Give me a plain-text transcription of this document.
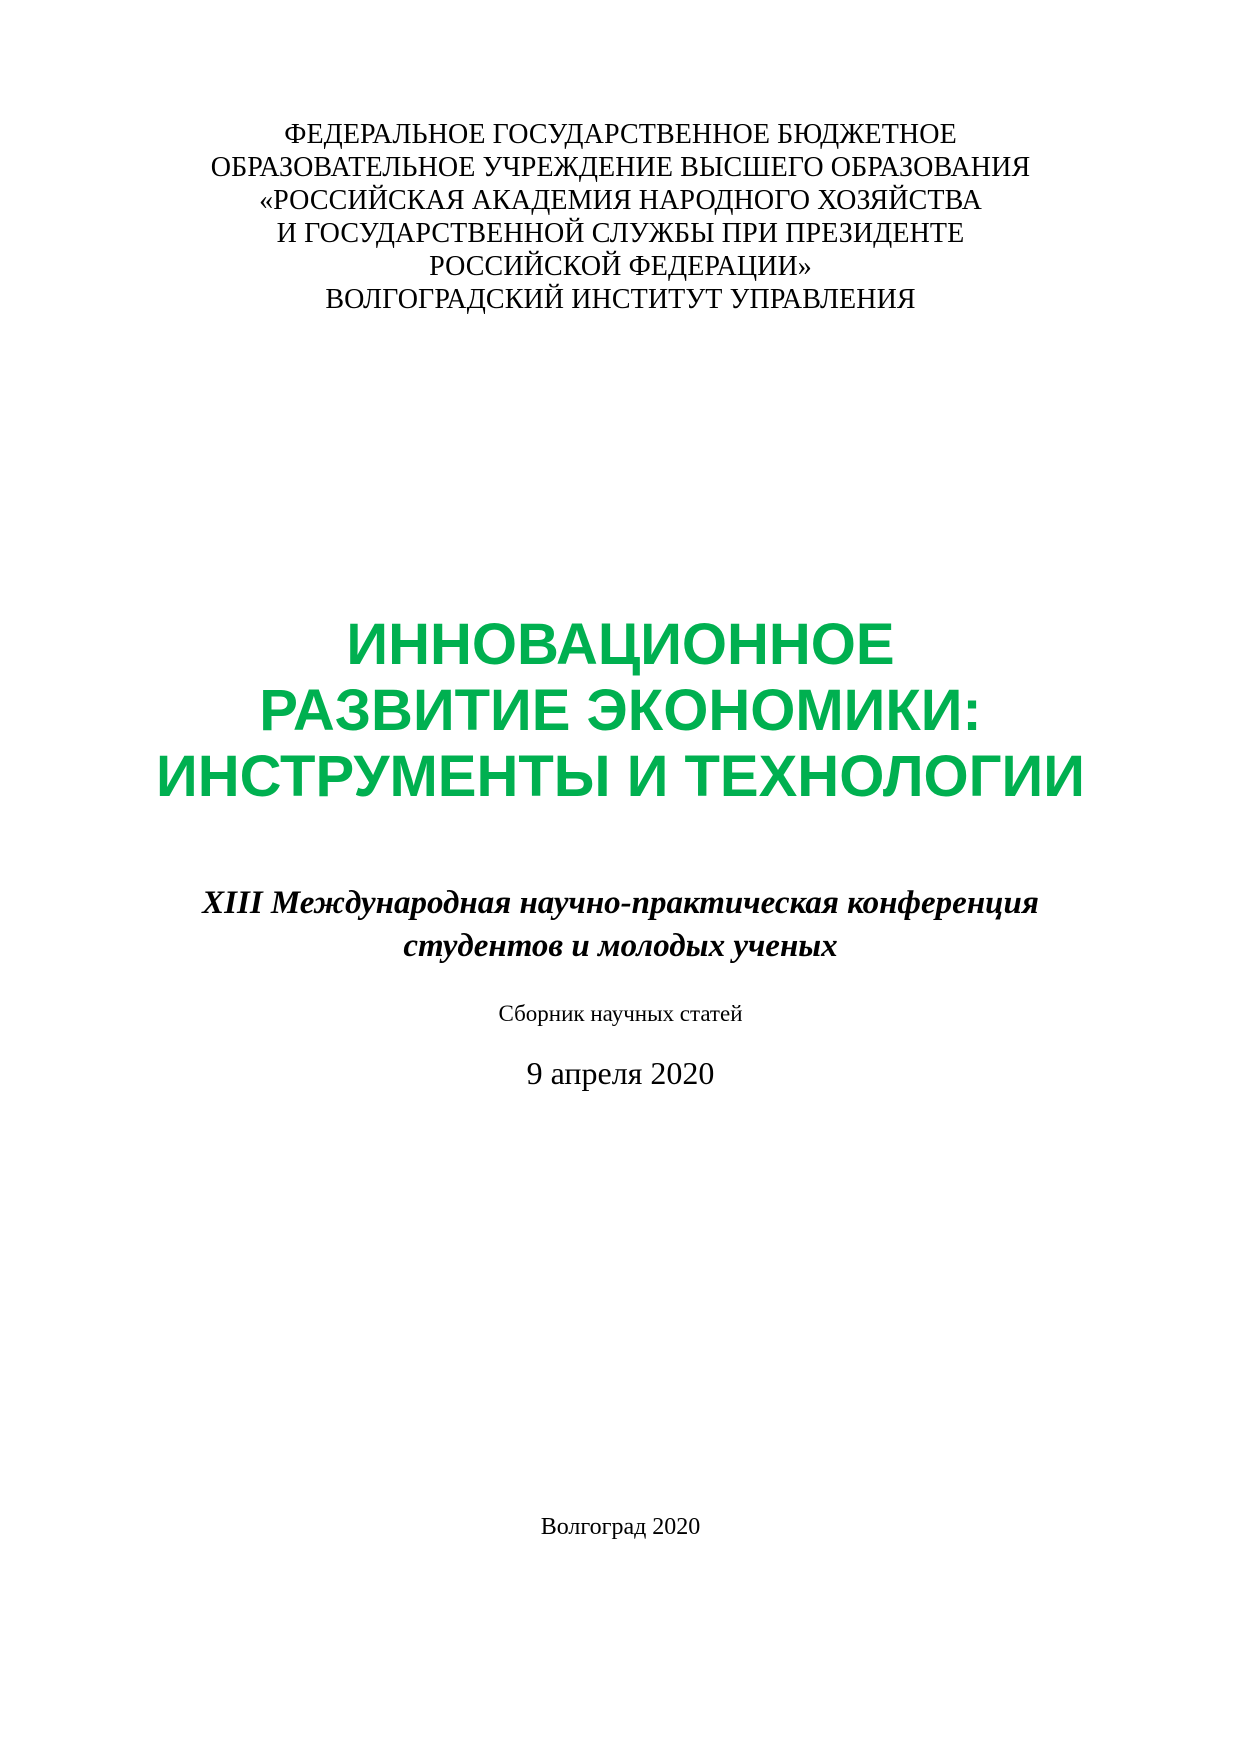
ФЕДЕРАЛЬНОЕ ГОСУДАРСТВЕННОЕ БЮДЖЕТНОЕ
ОБРАЗОВАТЕЛЬНОЕ УЧРЕЖДЕНИЕ ВЫСШЕГО ОБРАЗОВАНИЯ
«РОССИЙСКАЯ АКАДЕМИЯ НАРОДНОГО ХОЗЯЙСТВА
И ГОСУДАРСТВЕННОЙ СЛУЖБЫ ПРИ ПРЕЗИДЕНТЕ
РОССИЙСКОЙ ФЕДЕРАЦИИ»
ВОЛГОГРАДСКИЙ ИНСТИТУТ УПРАВЛЕНИЯ
ИННОВАЦИОННОЕ
РАЗВИТИЕ ЭКОНОМИКИ:
ИНСТРУМЕНТЫ И ТЕХНОЛОГИИ
XIII Международная научно-практическая конференция
студентов и молодых ученых
Сборник научных статей
9 апреля 2020
Волгоград 2020
